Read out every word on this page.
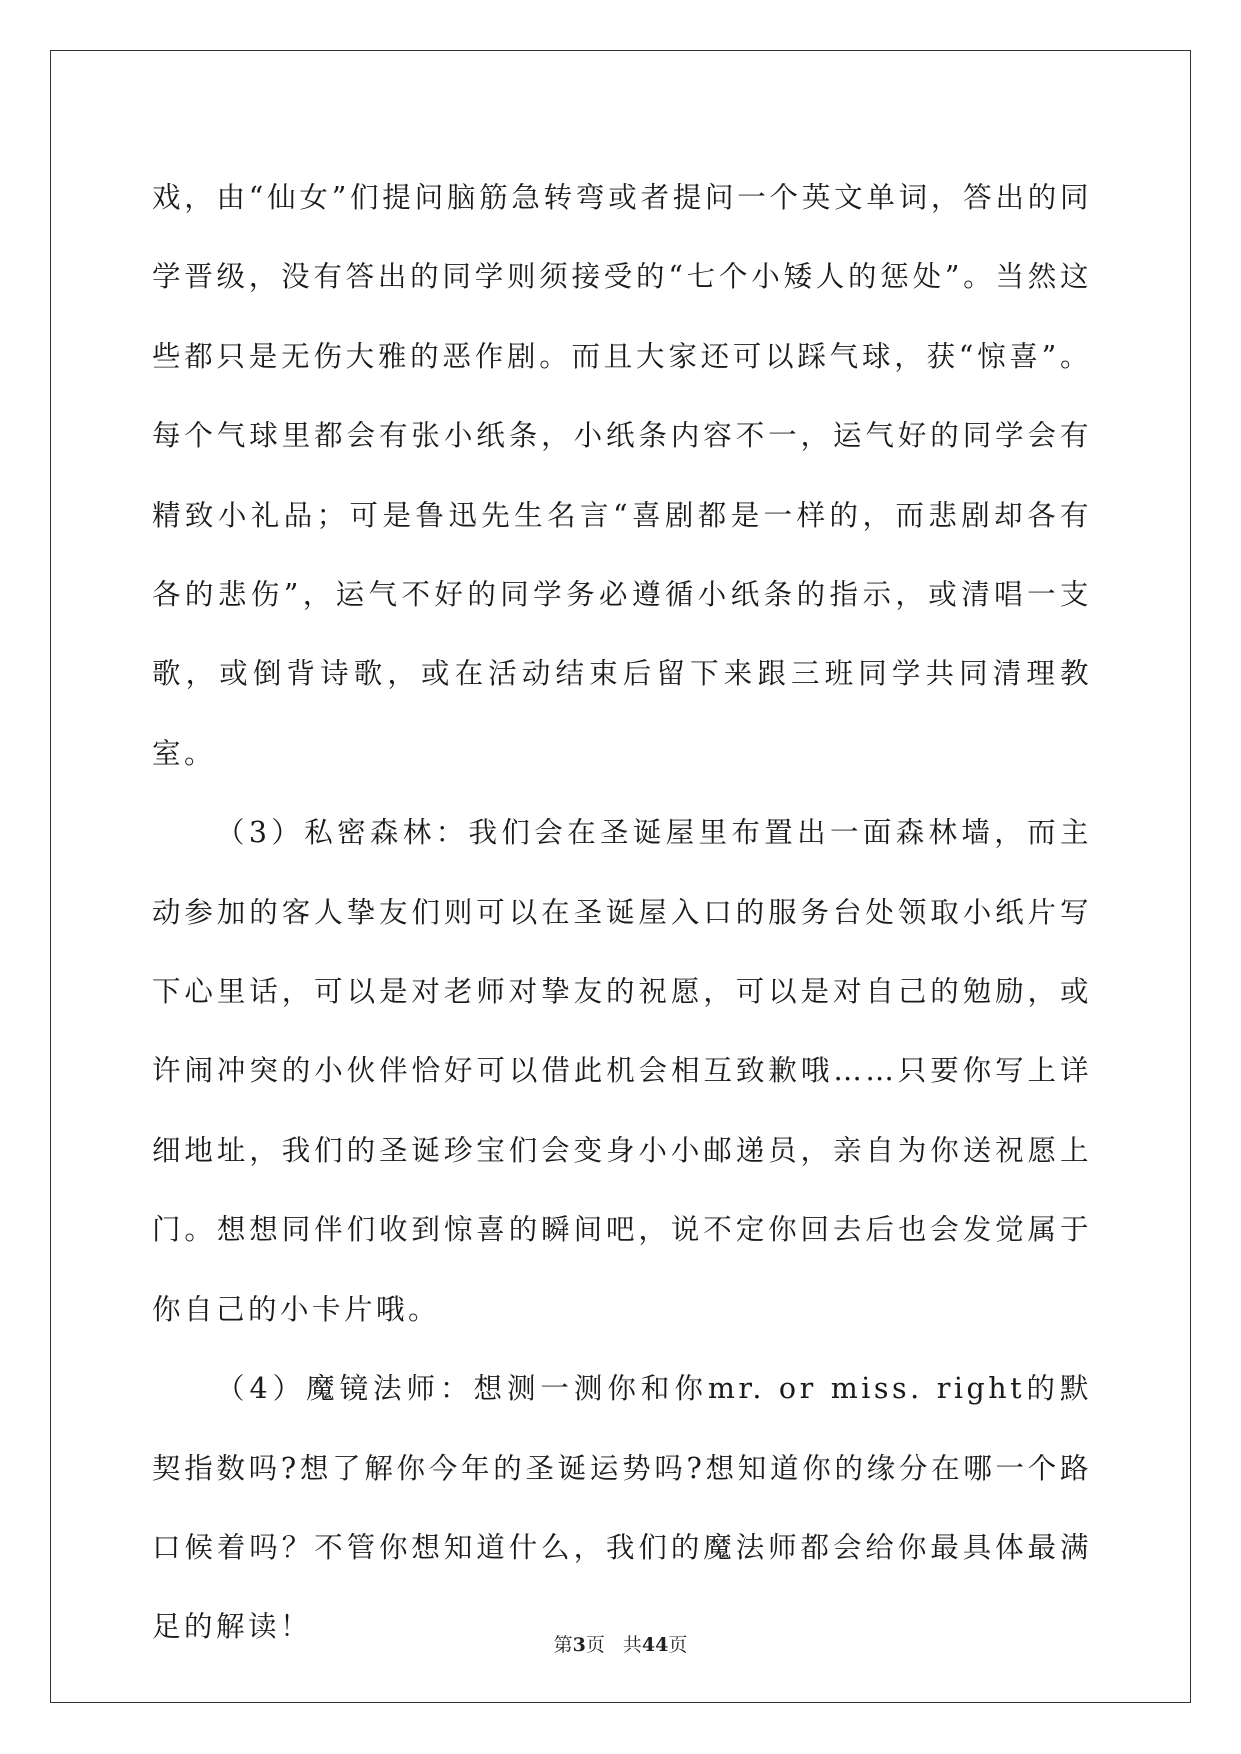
戏，由“仙女”们提问脑筋急转弯或者提问一个英文单词，答出的同学晋级，没有答出的同学则须接受的“七个小矮人的惩处”。当然这些都只是无伤大雅的恶作剧。而且大家还可以踩气球，获“惊喜”。每个气球里都会有张小纸条，小纸条内容不一，运气好的同学会有精致小礼品；可是鲁迅先生名言“喜剧都是一样的，而悲剧却各有各的悲伤”，运气不好的同学务必遵循小纸条的指示，或清唱一支歌，或倒背诗歌，或在活动结束后留下来跟三班同学共同清理教室。

（3）私密森林：我们会在圣诞屋里布置出一面森林墙，而主动参加的客人挚友们则可以在圣诞屋入口的服务台处领取小纸片写下心里话，可以是对老师对挚友的祝愿，可以是对自己的勉励，或许闹冲突的小伙伴恰好可以借此机会相互致歉哦……只要你写上详细地址，我们的圣诞珍宝们会变身小小邮递员，亲自为你送祝愿上门。想想同伴们收到惊喜的瞬间吧，说不定你回去后也会发觉属于你自己的小卡片哦。

（4）魔镜法师：想测一测你和你mr. or miss. right的默契指数吗?想了解你今年的圣诞运势吗?想知道你的缘分在哪一个路口候着吗？不管你想知道什么，我们的魔法师都会给你最具体最满足的解读！

第3页 共44页
